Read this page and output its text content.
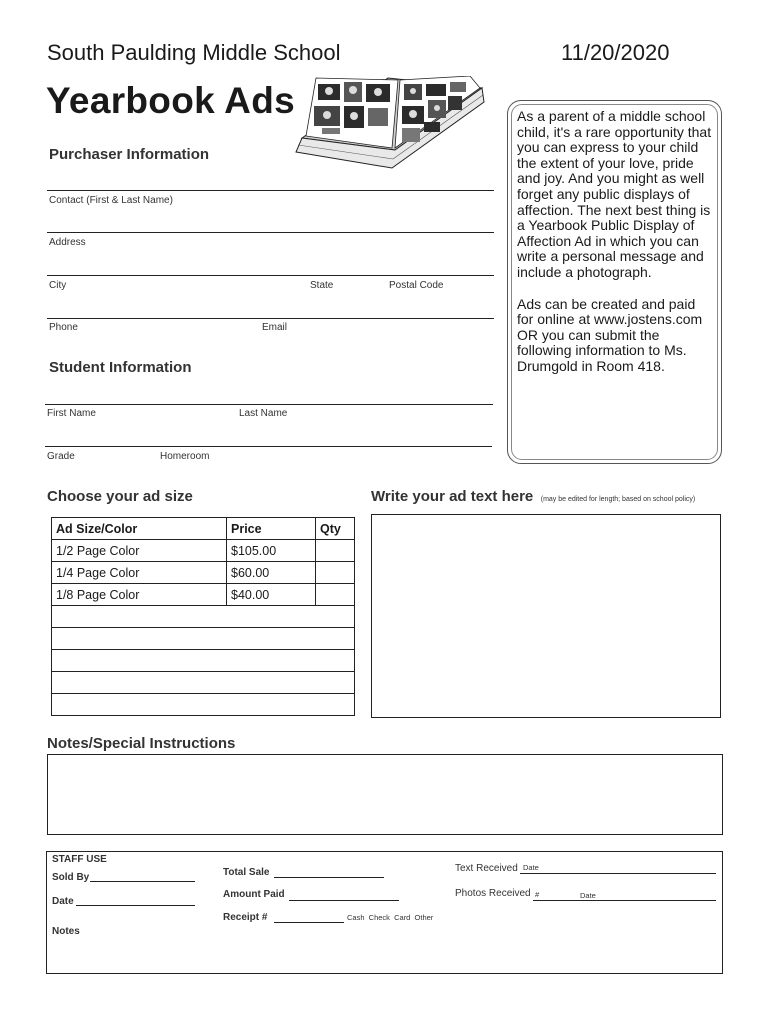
South Paulding Middle School	11/20/2020
Yearbook Ads
Purchaser Information
Contact (First & Last Name)
Address
City	State	Postal Code
Phone	Email
Student Information
First Name	Last Name
Grade	Homeroom

As a parent of a middle school child, it's a rare opportunity that you can express to your child the extent of your love, pride and joy. And you might as well forget any public displays of affection. The next best thing is a Yearbook Public Display of Affection Ad in which you can write a personal message and include a photograph.

Ads can be created and paid for online at www.jostens.com OR you can submit the following information to Ms. Drumgold in Room 418.

Choose your ad size
Ad Size/Color	Price	Qty
1/2 Page Color	$105.00	
1/4 Page Color	$60.00	
1/8 Page Color	$40.00	

Write your ad text here (may be edited for length; based on school policy)
Notes/Special Instructions
STAFF USE
Sold By
Date
Notes
Total Sale
Amount Paid
Receipt #	Cash  Check  Card  Other
Text Received Date
Photos Received #	Date
